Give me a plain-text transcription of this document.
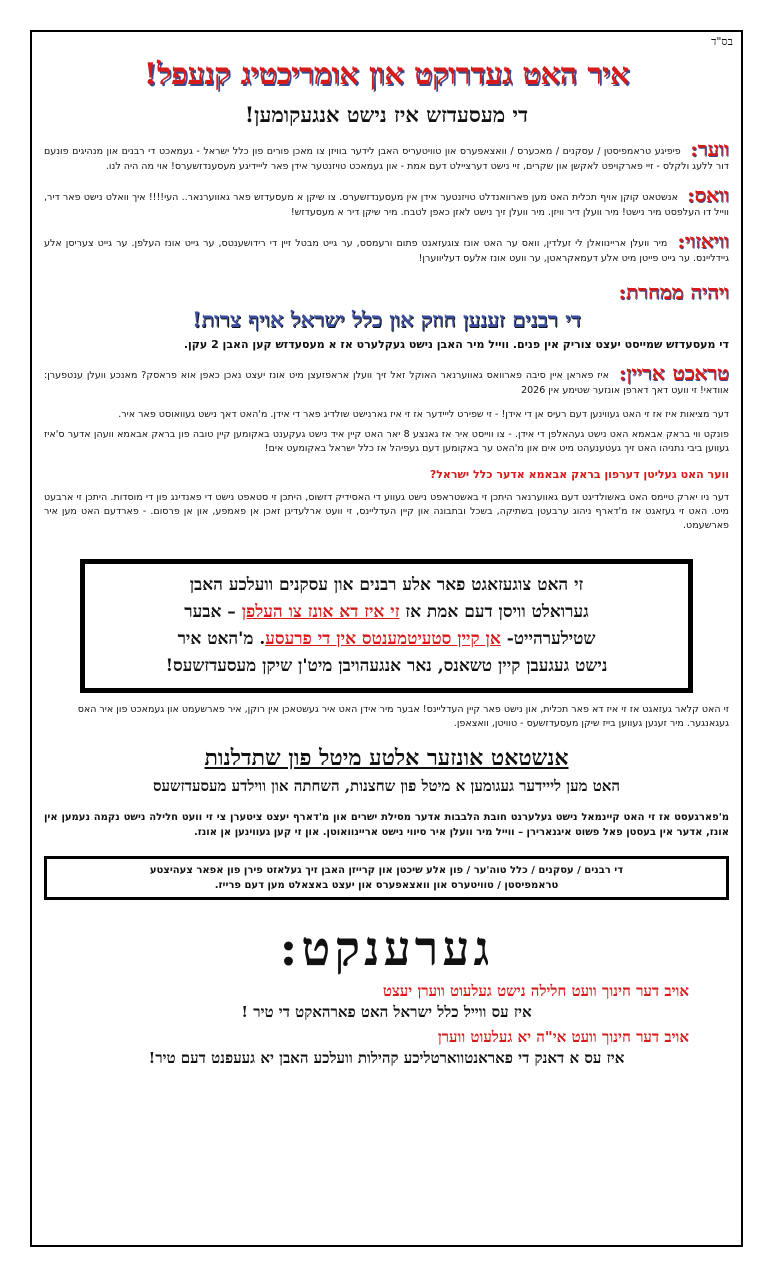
בס"ד
איר האט געדרוקט און אומריכטיג קנעפל!
די מעסעדזש איז נישט אנגעקומען!
ווער: פיפיגע טראמפיסטן / עסקנים / מאכערס / וואצאפערס און טוויטעריס האבן לידער בוויזן צו מאכן פורים פון כלל ישראל - געמאכט די רבנים און מנהיגים פונעם דור ללעג ולקלס - זיי פארקויפט לאקשן און שקרים, זיי נישט דערציילט דעם אמת - און געמאכט טויזנטער אידן פאר לייידיגע מעסענדזשערס! אוי מה היה לנו.
וואס: אנשטאט קוקן אויף תכלית האט מען פארוואנדלט טויזנטער אידן אין מעסענדזשערס. צו שיקן א מעסעדזש פאר גאווערנאר.. העי!!!! איך וואלט נישט פאר דיר, ווייל דו העלפסט מיר נישט! מיר וועלן דיר וויזן. מיר וועלן זיך נישט לאזן כאפן לטבח. מיר שיקן דיר א מעסעדזש!
וויאזוי: מיר וועלן אריינוואלן לי זעלדין, וואס ער האט אונז צוגעזאגט פתום ורעמסס, ער גייט מבטל זיין די רידושענטס, ער גייט אונז העלפן. ער גייט צעריסן אלע גיידליינס. ער גייט פייטן מיט אלע דעמאקראטן, ער וועט אונז אלעס דעליווערן!
ויהיה ממחרת:
די רבנים זענען חוזק און כלל ישראל אויף צרות!
די מעסעדזש שמייסט יעצט צוריק אין פנים. ווייל מיר האבן נישט געקלערט אז א מעסעדזש קען האבן 2 עקן.
טראכט אריין: איז פאראן איין סיבה פארוואס גאווערנאר האוקל זאל זיך וועלן אראפזעצן מיט אונז יעצט נאכן כאפן אוא פראסק? מאנכע וועלן ענטפערן: אוודאי! זי וועט דאך דארפן אונזער שטימע אין 2026
דער מציאות איז אז זי האט געווינען דעם רעיס אן די אידן! - זי שפירט לייידער אז זי איז גארנישט שולדיג פאר די אידן. מ'האט דאך נישט געוואוסט פאר איר.
פונקט ווי בראק אבאמא האט נישט געהאלפן די אידן. - צו ווייסט איר אז גאנצע 8 יאר האט קיין איד נישט געקענט באקומען קיין טובה פון בראק אבאמא וועהן אדער ס'איז געווען ביבי נתניהו האט זיך געטענעהט מיט אים און מ'האט ער באקומען דעם געפיהל אז כלל ישראל באקומעט אים!
ווער האט געליטן דערפון בראק אבאמא אדער כלל ישראל?
דער ניו יארק טיימס האט באשולדיגט דעם גאווערנאר היתכן זי באשטראפט נישט געווע די האסידיק דזשוס, היתכן זי סטאפט נישט די פאנדינג פון די מוסדות. היתכן זי ארבעט מיט. האט זי געזאגט אז מ'דארף ניהוג ערבעטן בשתיקה, בשכל ובתבונה און קיין העדליינס, זי וועט ארלעדיגן זאכן אן פאמפע, און אן פרסום. - פארדעם האט מען איר פארשעמט.
זי האט צוגעזאגט פאר אלע רבנים און עסקנים וועלכע האבן
גערואלט וויסן דעם אמת אז זי איז דא אונז צו העלפן – אבער
שטילערהייט- אן קיין סטעיטמענטס אין די פרעסע. מ'האט איר
נישט געגעבן קיין טשאנס, נאר אנגעהויבן מיט'ן שיקן מעסעדזשעס!
זי האט קלאר געזאגט אז זי איז דא פאר תכלית, און נישט פאר קיין העדליינס! אבער מיר אידן האט איר געשטאכן אין רוקן, איר פארשעמט און געמאכט פון איר האס געגאנגער. מיר זענען געווען בייז שיקן מעסעדזשעס - טוויטן, וואצאפן.
אנשטאט אונזער אלטע מיטל פון שתדלנות
האט מען לייידער געגומען א מיטל פון שחצנות, השחתה און ווילדע מעסעדזשעס
מ'פארגעסט אז זי האט קיינמאל נישט געלערנט חובת הלבבות אדער מסילת ישרים און מ'דארף יעצט ציטערן צי זי וועט חלילה נישט נקמה נעמען אין אונז, אדער אין בעסטן פאל פשוט איגנארירן – ווייל מיר וועלן איר סיווי נישט אריינוואוטן. און זי קען געווינען אן אונז.
די רבנים / עסקנים / כלל טוה'ער / פון אלע שיכטן און קרייזן האבן זיך געלאזט פירן פון אפאר צעהיצטע
טראמפיסטן / טוויטערס און וואצאפערס און יעצט באצאלט מען דעם פרייז.
גערענקט:
אויב דער חינוך וועט חלילה נישט געלעוט ווערן יעצט
איז עס ווייל כלל ישראל האט פארהאקט די טיר !
אויב דער חינוך וועט אי"ה יא געלעוט ווערן
איז עס א דאנק די פאראנטווארטליכע קהילות וועלכע האבן יא געעפנט דעם טיר!
